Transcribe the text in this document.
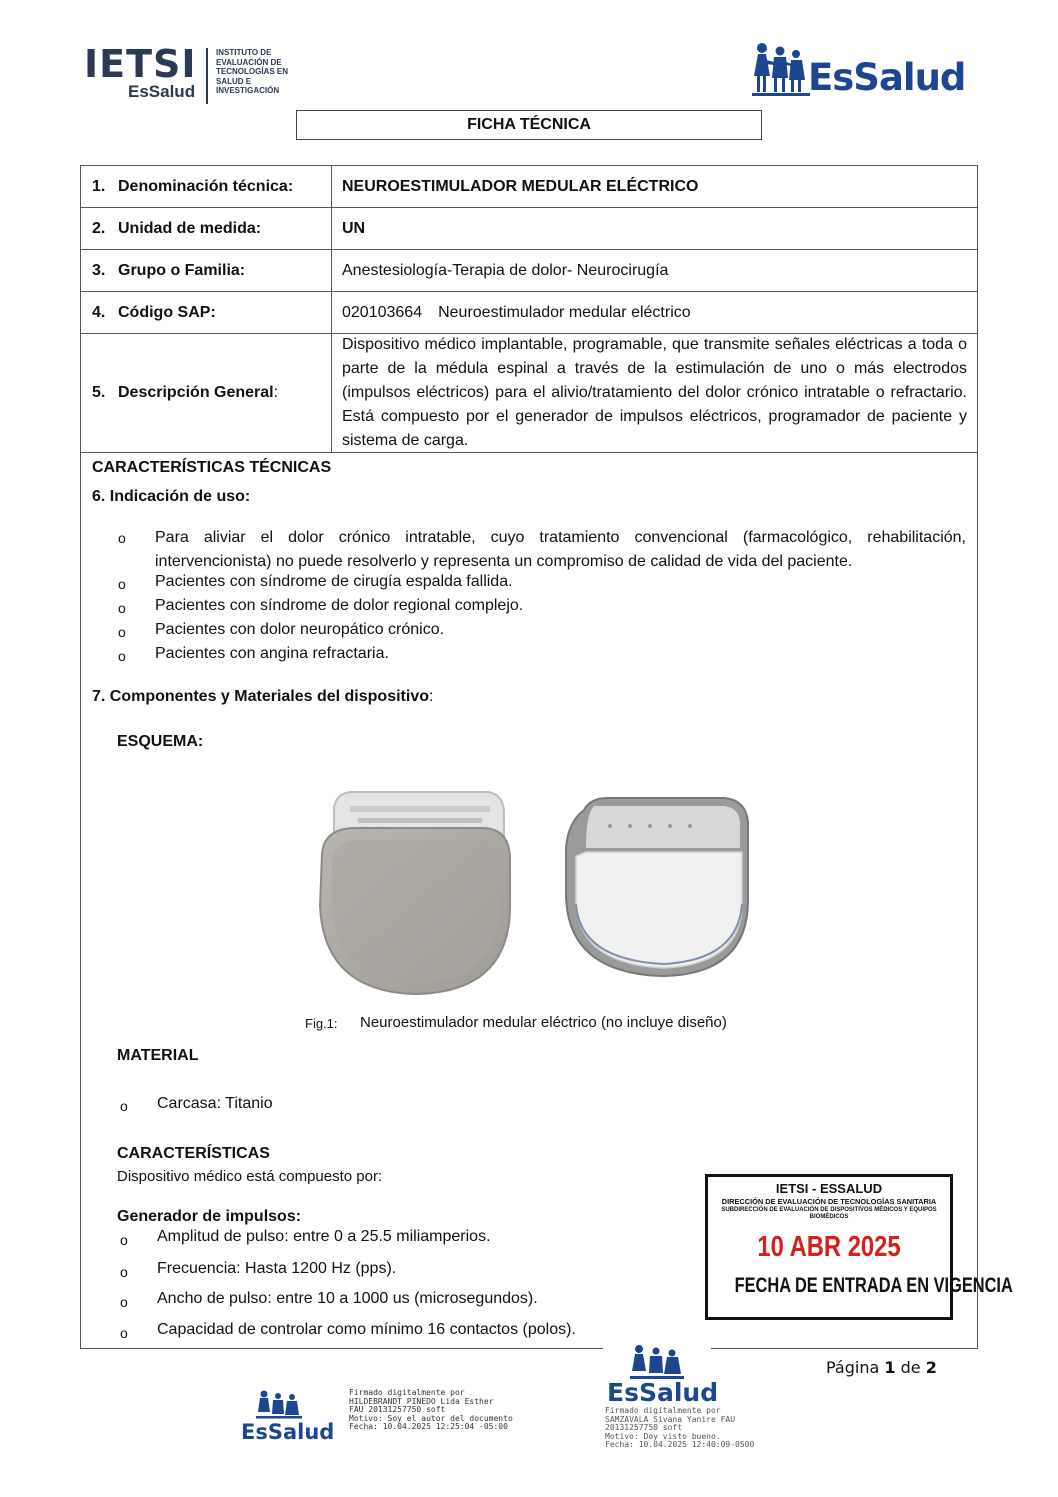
IETSI
EsSalud
INSTITUTO DE
EVALUACIÓN DE
TECNOLOGÍAS EN
SALUD E
INVESTIGACIÓN	EsSalud
FICHA TÉCNICA
1. Denominación técnica:	NEUROESTIMULADOR MEDULAR ELÉCTRICO
2. Unidad de medida:	UN
3. Grupo o Familia:	Anestesiología-Terapia de dolor- Neurocirugía
4. Código SAP:	020103664 Neuroestimulador medular eléctrico
5. Descripción General :
Dispositivo médico implantable, programable, que transmite señales eléctricas a toda o parte de la médula espinal a través de la estimulación de uno o más electrodos (impulsos eléctricos) para el alivio/tratamiento del dolor crónico intratable o refractario. Está compuesto por el generador de impulsos eléctricos, programador de paciente y sistema de carga.
CARACTERÍSTICAS TÉCNICAS
6. Indicación de uso:
o Para aliviar el dolor crónico intratable, cuyo tratamiento convencional (farmacológico, rehabilitación, intervencionista) no puede resolverlo y representa un compromiso de calidad de vida del paciente.
o Pacientes con síndrome de cirugía espalda fallida.
o Pacientes con síndrome de dolor regional complejo.
o Pacientes con dolor neuropático crónico.
o Pacientes con angina refractaria.
7. Componentes y Materiales del dispositivo:
ESQUEMA:
Fig.1: Neuroestimulador medular eléctrico (no incluye diseño)
MATERIAL
o Carcasa: Titanio
CARACTERÍSTICAS
Dispositivo médico está compuesto por:
Generador de impulsos:
o Amplitud de pulso: entre 0 a 25.5 miliamperios.
o Frecuencia: Hasta 1200 Hz (pps).
o Ancho de pulso: entre 10 a 1000 us (microsegundos).
o Capacidad de controlar como mínimo 16 contactos (polos).
IETSI - ESSALUD
DIRECCIÓN DE EVALUACIÓN DE TECNOLOGÍAS SANITARIA
SUBDIRECCIÓN DE EVALUACIÓN DE DISPOSITIVOS MÉDICOS Y EQUIPOS BIOMÉDICOS
10 ABR 2025
FECHA DE ENTRADA EN VIGENCIA
Página 1 de 2
EsSalud
Firmado digitalmente por
HILDEBRANDT PINEDO Lida Esther
FAU 20131257750 soft
Motivo: Soy el autor del documento
Fecha: 10.04.2025 12:25:04 -05:00
EsSalud
Firmado digitalmente por
SAMZAVALA Sivana Yanire FAU
20131257750 soft
Motivo: Doy visto bueno.
Fecha: 10.04.2025 12:40:09-0500
